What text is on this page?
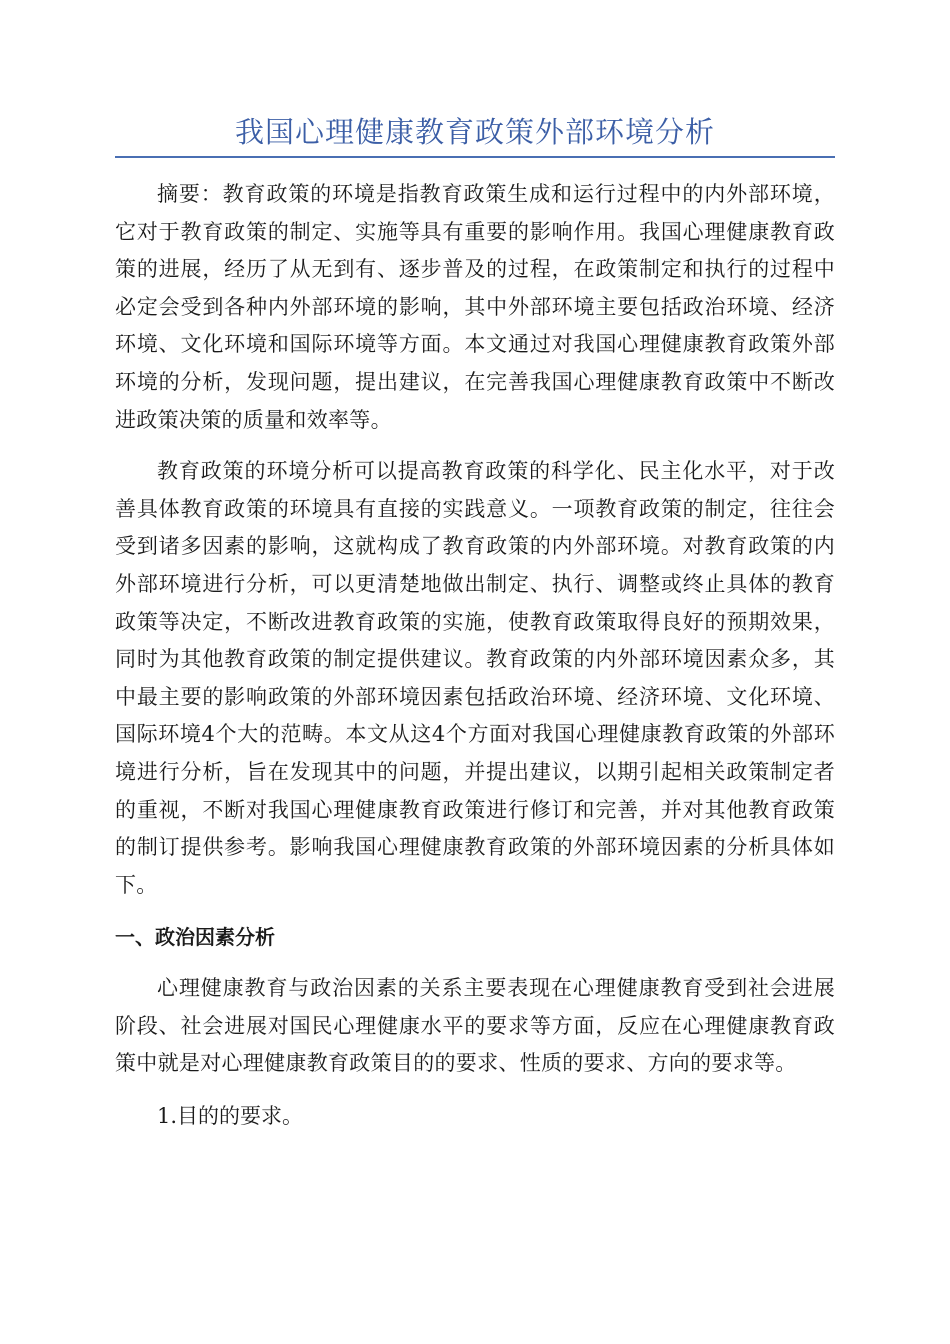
我国心理健康教育政策外部环境分析

摘要：教育政策的环境是指教育政策生成和运行过程中的内外部环境，它对于教育政策的制定、实施等具有重要的影响作用。我国心理健康教育政策的进展，经历了从无到有、逐步普及的过程，在政策制定和执行的过程中必定会受到各种内外部环境的影响，其中外部环境主要包括政治环境、经济环境、文化环境和国际环境等方面。本文通过对我国心理健康教育政策外部环境的分析，发现问题，提出建议，在完善我国心理健康教育政策中不断改进政策决策的质量和效率等。

教育政策的环境分析可以提高教育政策的科学化、民主化水平，对于改善具体教育政策的环境具有直接的实践意义。一项教育政策的制定，往往会受到诸多因素的影响，这就构成了教育政策的内外部环境。对教育政策的内外部环境进行分析，可以更清楚地做出制定、执行、调整或终止具体的教育政策等决定，不断改进教育政策的实施，使教育政策取得良好的预期效果，同时为其他教育政策的制定提供建议。教育政策的内外部环境因素众多，其中最主要的影响政策的外部环境因素包括政治环境、经济环境、文化环境、国际环境4个大的范畴。本文从这4个方面对我国心理健康教育政策的外部环境进行分析，旨在发现其中的问题，并提出建议，以期引起相关政策制定者的重视，不断对我国心理健康教育政策进行修订和完善，并对其他教育政策的制订提供参考。影响我国心理健康教育政策的外部环境因素的分析具体如下。

一、政治因素分析

心理健康教育与政治因素的关系主要表现在心理健康教育受到社会进展阶段、社会进展对国民心理健康水平的要求等方面，反应在心理健康教育政策中就是对心理健康教育政策目的的要求、性质的要求、方向的要求等。

1.目的的要求。
